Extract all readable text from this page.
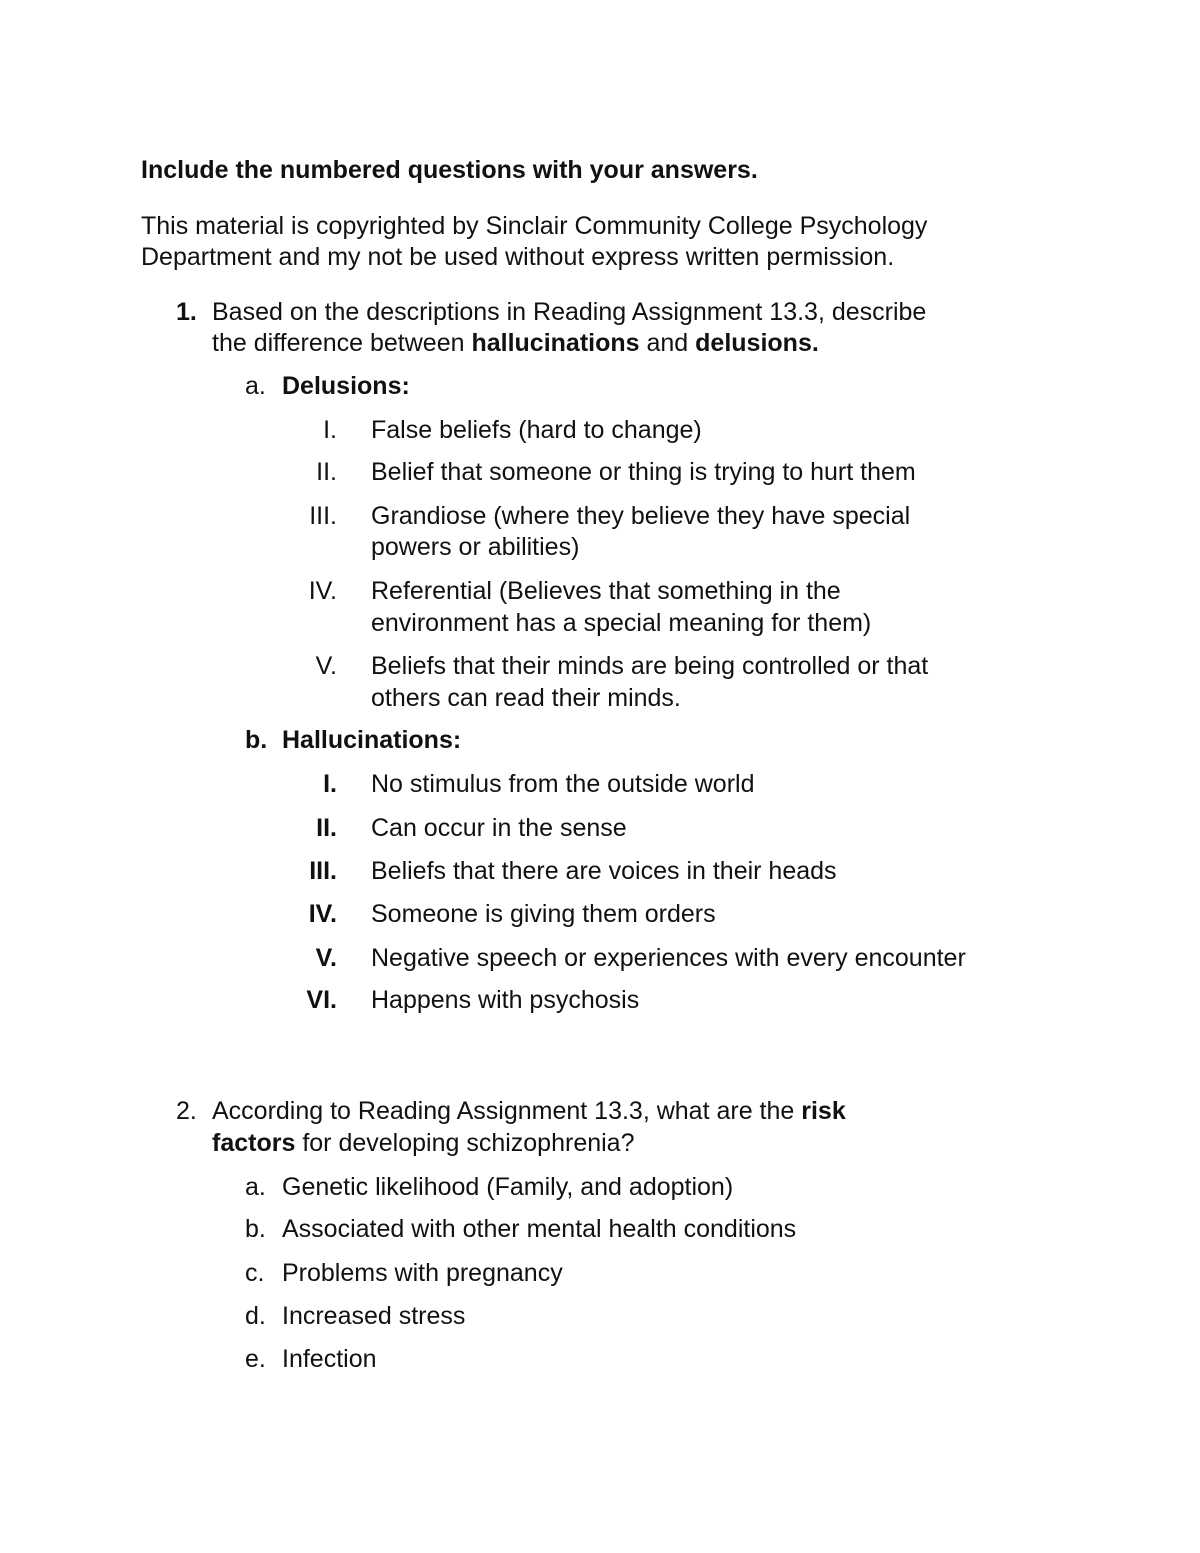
Include the numbered questions with your answers.
This material is copyrighted by Sinclair Community College Psychology
Department and my not be used without express written permission.
1. Based on the descriptions in Reading Assignment 13.3, describe
the difference between hallucinations and delusions.
a. Delusions:
I. False beliefs (hard to change)
II. Belief that someone or thing is trying to hurt them
III. Grandiose (where they believe they have special
powers or abilities)
IV. Referential (Believes that something in the
environment has a special meaning for them)
V. Beliefs that their minds are being controlled or that
others can read their minds.
b. Hallucinations:
I. No stimulus from the outside world
II. Can occur in the sense
III. Beliefs that there are voices in their heads
IV. Someone is giving them orders
V. Negative speech or experiences with every encounter
VI. Happens with psychosis
2. According to Reading Assignment 13.3, what are the risk
factors for developing schizophrenia?
a. Genetic likelihood (Family, and adoption)
b. Associated with other mental health conditions
c. Problems with pregnancy
d. Increased stress
e. Infection
